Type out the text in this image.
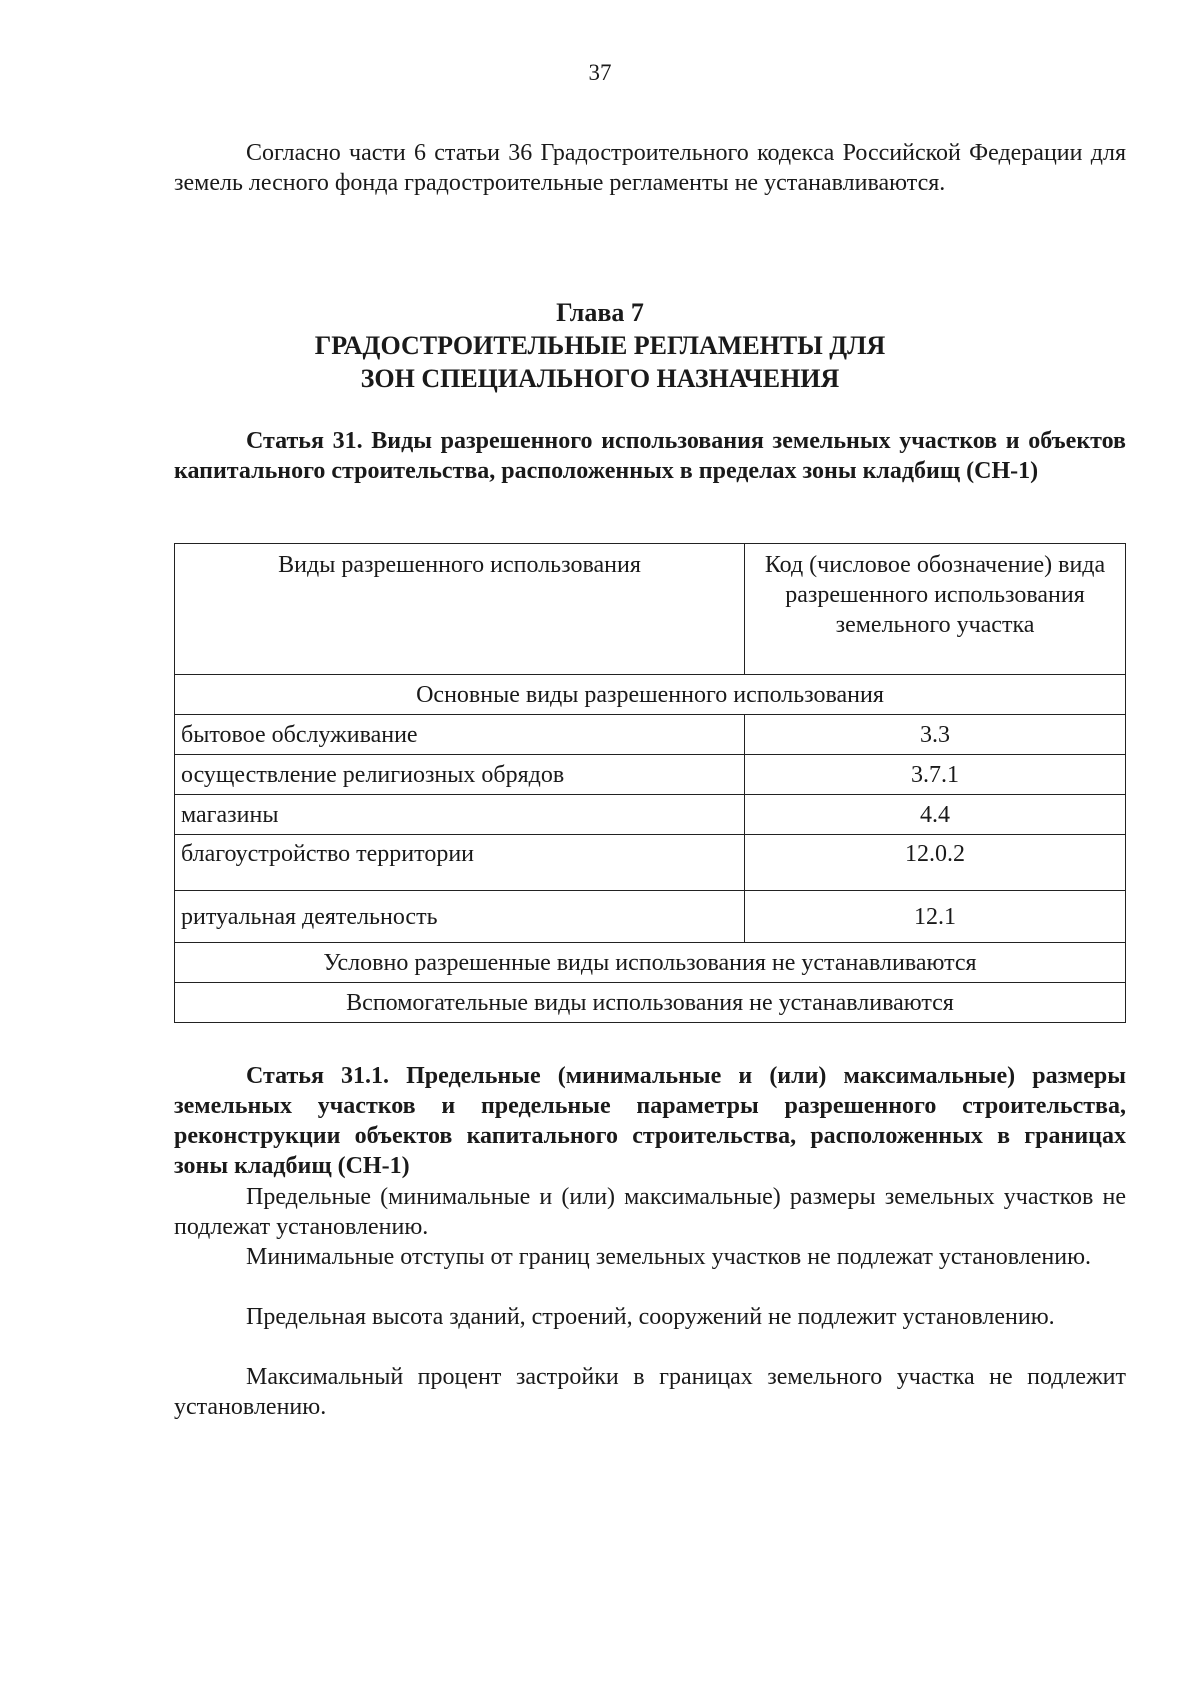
37

Согласно части 6 статьи 36 Градостроительного кодекса Российской Федерации для земель лесного фонда градостроительные регламенты не устанавливаются.

Глава 7

ГРАДОСТРОИТЕЛЬНЫЕ РЕГЛАМЕНТЫ ДЛЯ

ЗОН СПЕЦИАЛЬНОГО НАЗНАЧЕНИЯ

Статья 31. Виды разрешенного использования земельных участков и объектов капитального строительства, расположенных в пределах зоны кладбищ (СН-1)

Виды разрешенного использования	Код (числовое обозначение) вида разрешенного использования земельного участка
Основные виды разрешенного использования	
бытовое обслуживание	3.3
осуществление религиозных обрядов	3.7.1
магазины	4.4
благоустройство территории	12.0.2
ритуальная деятельность	12.1
Условно разрешенные виды использования не устанавливаются	
Вспомогательные виды использования не устанавливаются	

Статья 31.1. Предельные (минимальные и (или) максимальные) размеры земельных участков и предельные параметры разрешенного строительства, реконструкции объектов капитального строительства, расположенных в границах зоны кладбищ (СН-1)

Предельные (минимальные и (или) максимальные) размеры земельных участков не подлежат установлению.

Минимальные отступы от границ земельных участков не подлежат установлению.

Предельная высота зданий, строений, сооружений не подлежит установлению.

Максимальный процент застройки в границах земельного участка не подлежит установлению.
